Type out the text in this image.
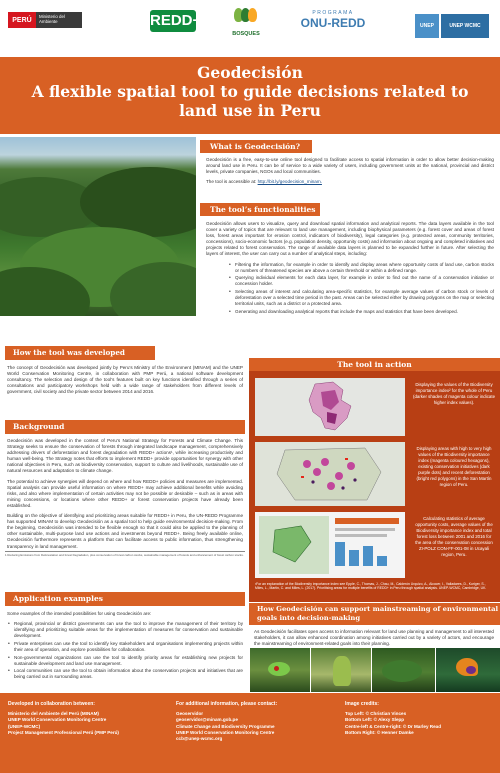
PERÚ	Ministerio del Ambiente	REDD+
BOSQUES
PROGRAMA
ONU-REDD	UNEP	UNEP WCMC
Geodecisión
A flexible spatial tool to guide decisions related to
land use in Peru
What is Geodecisión?

Geodecisión is a free, easy-to-use online tool designed to facilitate access to spatial information in order to allow better decision-making around land use in Peru. It can be of service to a wide variety of users, including government units at the national, provincial and district levels, private companies, NGOs and local communities.

The tool is accessible at: http://bit.ly/geodecision_minam.

The tool’s functionalities

Geodecisión allows users to visualize, query and download spatial information and analytical reports. The data layers available in the tool cover a variety of topics that are relevant to land use management, including biophysical parameters (e.g. forest cover and areas of forest loss, forest areas important for erosion control, indicators of biodiversity), legal categories (e.g. protected areas, community territories, concessions), socio-economic factors (e.g. population density, opportunity costs) and information about ongoing and completed initiatives and projects related to forest conservation. The range of available data layers is planned to be expanded further in future. After selecting the layers of interest, the user can carry out a number of analytical steps, including:

• Filtering the information, for example in order to identify and display areas where opportunity costs of land use, carbon stocks or numbers of threatened species are above a certain threshold or within a defined range.
• Querying individual elements for each data layer, for example in order to find out the name of a conservation initiative or concession holder.
• Selecting areas of interest and calculating area-specific statistics, for example average values of carbon stock or levels of deforestation over a selected time period in the past. Areas can be selected either by drawing polygons on the map or selecting territorial units, such as a district or a protected area.
• Generating and downloading analytical reports that include the maps and statistics that have been developed.
How the tool was developed
The concept of Geodecisión was developed jointly by Peru’s Ministry of the Environment (MINAM) and the UNEP World Conservation Monitoring Centre, in collaboration with PMP Perú, a national software development consultancy. The selection and design of the tool’s features built on key functions identified through a series of consultations and participatory workshops held with a wide range of stakeholders from different levels of government, civil society and the private sector between 2014 and 2016.
The tool in action
Displaying the values of the Biodiversity importance index² for the whole of Peru (darker shades of magenta colour indicate higher index values).
Displaying areas with high to very high values of the Biodiversity importance index (magenta coloured hexagons), existing conservation initiatives (dark purple dots) and recent deforestation (bright red polygons) in the San Martín region of Peru.
Calculating statistics of average opportunity costs, average values of the Biodiversity importance index and total forest loss between 2001 and 2016 for the area of the conservation concession ZI-POLZ CON-FF-001-08 in Ucayali region, Peru.
²For an explanation of the Biodiversity importance index see Epple, C., Thomas, J., Chau, M., Calderón Urquizo, A., Alcocer, I., Valladares, D., Kuriger, S., Miles, L., Martin, C. and Miles, L. (2017). Prioritising areas for multiple benefits of REDD+ in Peru through spatial analysis. UNEP-WCMC, Cambridge, UK.
Background

Geodecisión was developed in the context of Peru’s National Strategy for Forests and Climate Change. This Strategy seeks to ensure the conservation of forests through integrated landscape management, comprehensively addressing drivers of deforestation and forest degradation with REDD+ actions¹, while increasing productivity and human well-being. The Strategy notes that efforts to implement REDD+ provide opportunities for synergy with other national objectives in Peru, such as biodiversity conservation, support to culture and livelihoods, sustainable use of natural resources and adaptation to climate change.

The potential to achieve synergies will depend on where and how REDD+ policies and measures are implemented. Spatial analysis can provide useful information on where REDD+ may achieve additional benefits while avoiding risks, and also where implementation of certain activities may not be possible or desirable – such as in areas with mining concessions, or locations where other REDD+ or forest conservation projects have already been established.

Building on the objective of identifying and prioritizing areas suitable for REDD+ in Peru, the UN-REDD Programme has supported MINAM to develop Geodecisión as a spatial tool to help guide environmental decision-making. From the beginning, Geodecisión was intended to be flexible enough so that it could also be applied to the planning of other sustainable, multi-purpose land use actions and investments beyond REDD+. Being freely available online, Geodecisión furthermore represents a platform that can facilitate access to public information, thus strengthening transparency in land management.

1 Reducing Emissions from Deforestation and forest Degradation, plus conservation of forest carbon stocks, sustainable management of forests and enhancement of forest carbon stocks.
Application examples

Some examples of the intended possibilities for using Geodecisión are:

• Regional, provincial or district governments can use the tool to improve the management of their territory by identifying and prioritizing suitable areas for the implementation of measures for conservation and sustainable development.
• Private enterprises can use the tool to identify key stakeholders and organisations implementing projects within their area of operation, and explore possibilities for collaboration.
• Non-governmental organizations can use the tool to identify priority areas for establishing new projects for sustainable development and land use management.
• Local communities can use the tool to obtain information about the conservation projects and initiatives that are being carried out in surrounding areas.
How Geodecisión can support mainstreaming of environmental goals into decision-making
As Geodecisión facilitates open access to information relevant for land use planning and management to all interested stakeholders, it can allow enhanced coordination among initiatives carried out by a variety of actors, and encourage the mainstreaming of environment-related goals into their planning.
Developed in collaboration between:
Ministerio del Ambiente del Perú (MINAM)
UNEP World Conservation Monitoring Centre
(UNEP-WCMC)
Project Management Professional Perú (PMP Perú)
For additional information, please contact:
Geoservidor
geoservidor@minam.gob.pe
Climate Change and Biodiversity Programme
UNEP World Conservation Monitoring Centre
ccb@unep-wcmc.org
Image credits:
Top Left: © Christian Vinces
Bottom Left: © Alexy Slepp
Centre-left & Centre-right: © Dr Marley Read
Bottom Right: © Henner Damke
